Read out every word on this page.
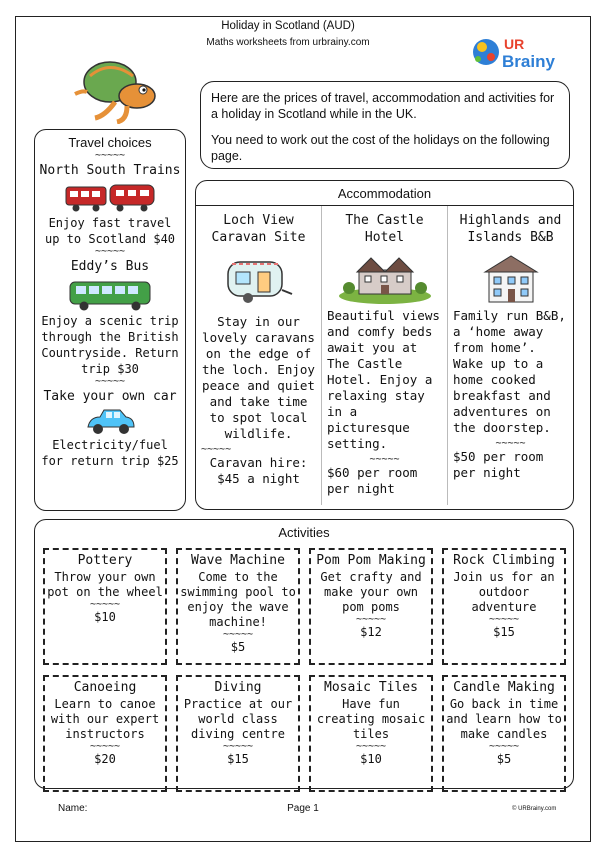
Holiday in Scotland (AUD)
Maths worksheets from urbrainy.com	UR
Brainy

Here are the prices of travel, accommodation and activities for a holiday in Scotland while in the UK.

You need to work out the cost of the holidays on the following page.

Travel choices
~~~~~
North South Trains
Enjoy fast travel up to Scotland $40
~~~~~
Eddy’s Bus
Enjoy a scenic trip through the British Countryside. Return trip $30
~~~~~
Take your own car
Electricity/fuel for return trip $25
Accommodation
Loch View Caravan Site
Stay in our lovely caravans on the edge of the loch. Enjoy peace and quiet and take time to spot local wildlife.
~~~~~
Caravan hire: $45 a night
The Castle Hotel
Beautiful views and comfy beds await you at The Castle Hotel. Enjoy a relaxing stay in a picturesque setting.
~~~~~
$60 per room per night
Highlands and Islands B&B
Family run B&B, a ‘home away from home’. Wake up to a home cooked breakfast and adventures on the doorstep.
~~~~~
$50 per room per night
Activities
Pottery
Throw your own pot on the wheel
~~~~~
$10
Wave Machine
Come to the swimming pool to enjoy the wave machine!
~~~~~
$5
Pom Pom Making
Get crafty and make your own pom poms
~~~~~
$12
Rock Climbing
Join us for an outdoor adventure
~~~~~
$15
Canoeing
Learn to canoe with our expert instructors
~~~~~
$20
Diving
Practice at our world class diving centre
~~~~~
$15
Mosaic Tiles
Have fun creating mosaic tiles
~~~~~
$10
Candle Making
Go back in time and learn how to make candles
~~~~~
$5
Name:	Page 1	© URBrainy.com
